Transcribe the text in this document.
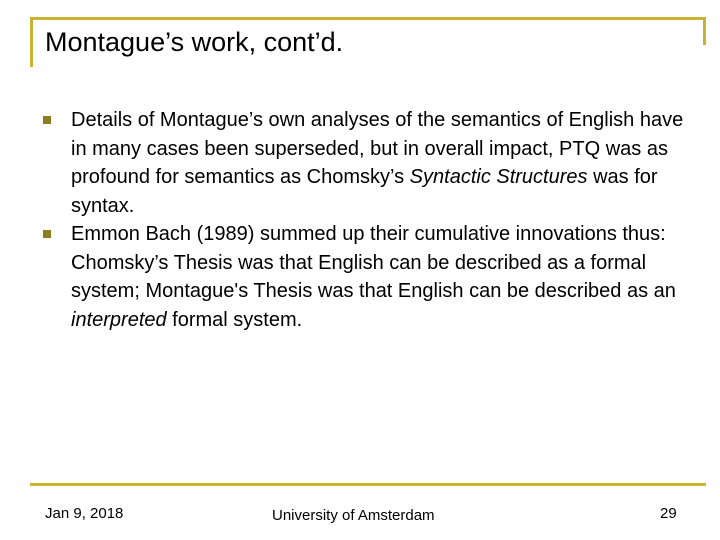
Montague’s work, cont’d.
Details of Montague’s own analyses of the semantics of English have in many cases been superseded, but in overall impact, PTQ was as profound for semantics as Chomsky’s Syntactic Structures was for syntax.
Emmon Bach (1989) summed up their cumulative innovations thus: Chomsky’s Thesis was that English can be described as a formal system; Montague's Thesis was that English can be described as an interpreted formal system.
Jan 9, 2018	University of Amsterdam	29
